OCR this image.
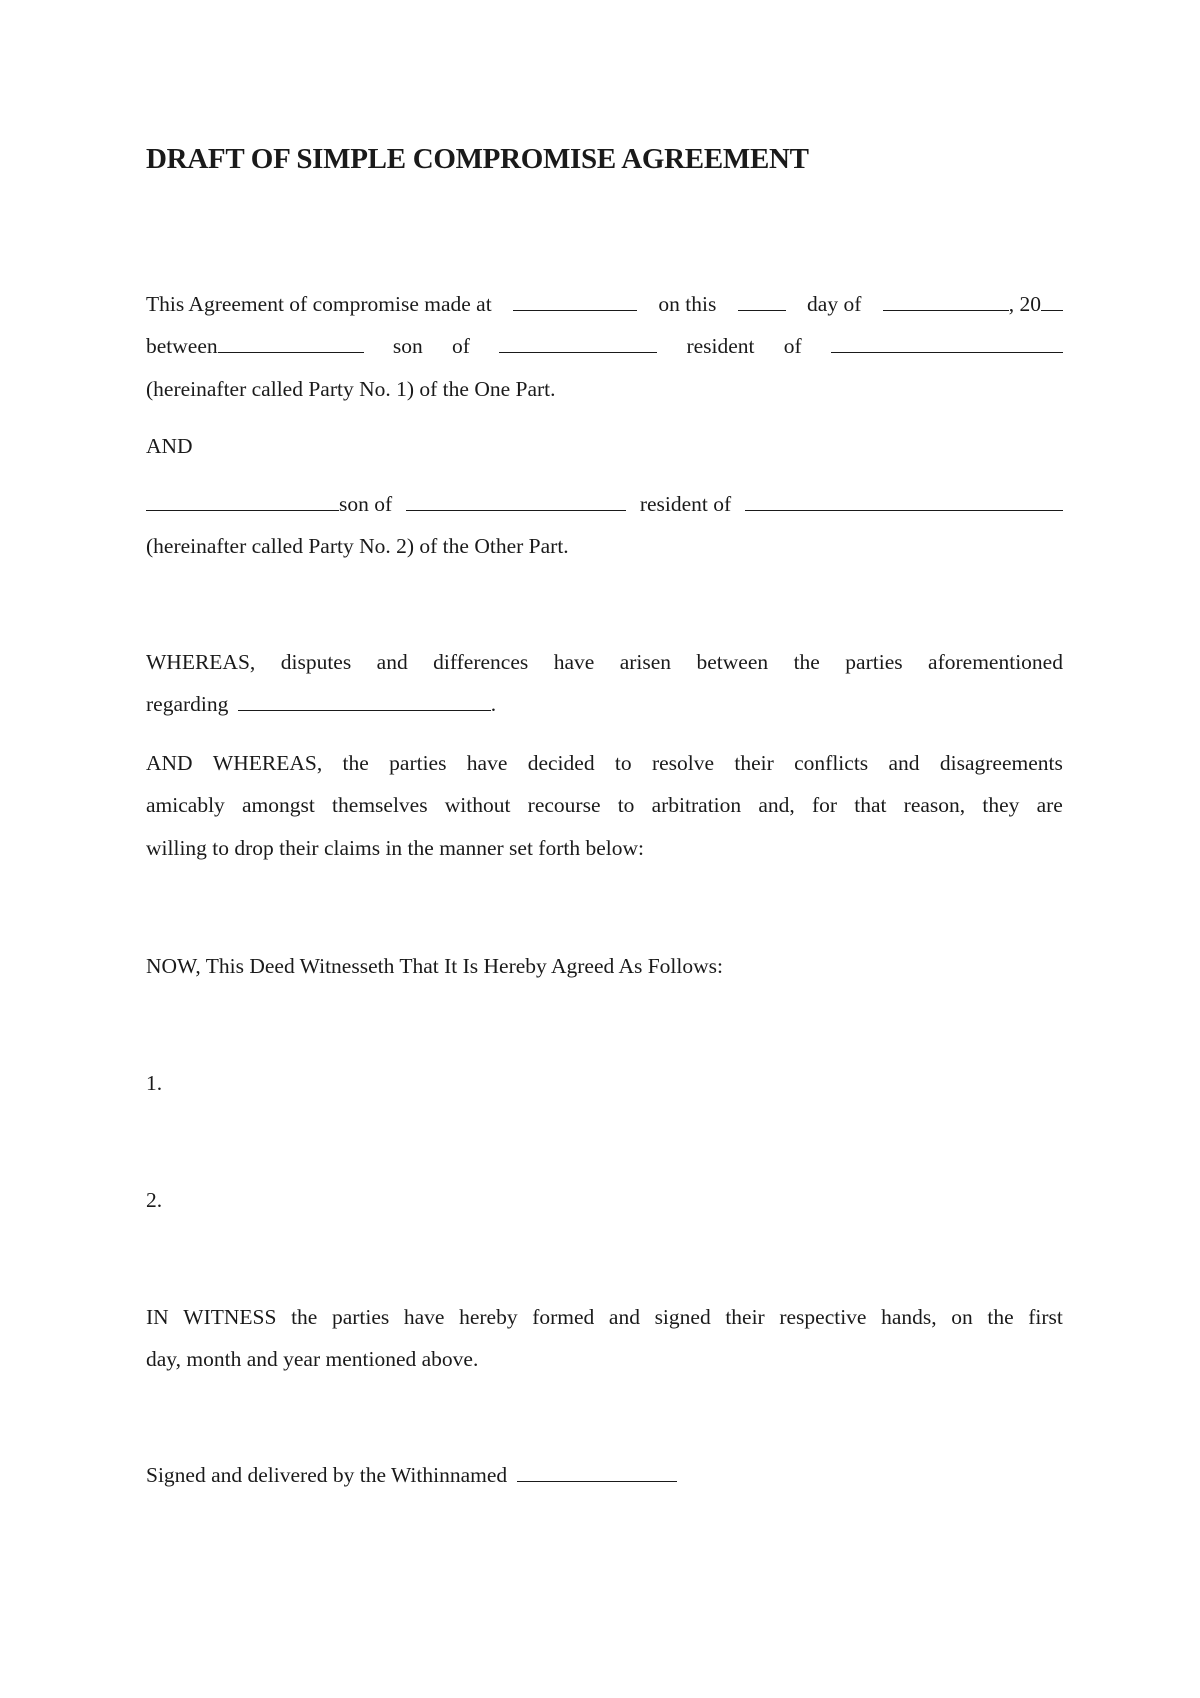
DRAFT OF SIMPLE COMPROMISE AGREEMENT
This Agreement of compromise made at	on this	day of	, 20
between	son of	resident of
(hereinafter called Party No. 1) of the One Part.
AND
son of	resident of
(hereinafter called Party No. 2) of the Other Part.
WHEREAS, disputes and differences have arisen between the parties aforementioned
regarding	.
AND WHEREAS, the parties have decided to resolve their conflicts and disagreements
amicably amongst themselves without recourse to arbitration and, for that reason, they are
willing to drop their claims in the manner set forth below:
NOW, This Deed Witnesseth That It Is Hereby Agreed As Follows:
1.
2.
IN WITNESS the parties have hereby formed and signed their respective hands, on the first
day, month and year mentioned above.
Signed and delivered by the Withinnamed
